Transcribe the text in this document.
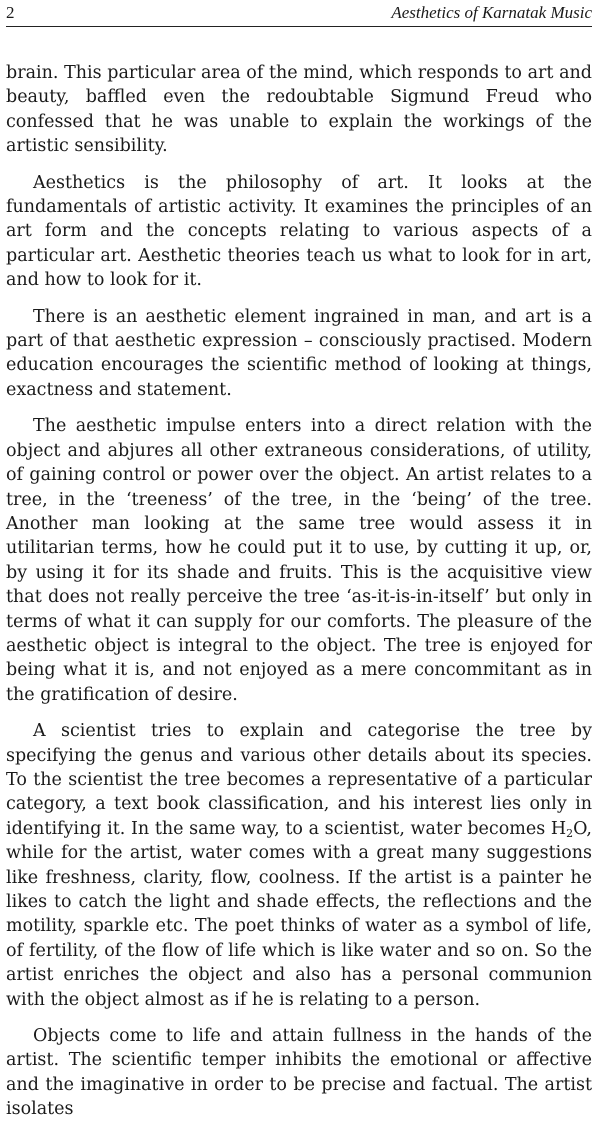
2	Aesthetics of Karnatak Music

brain. This particular area of the mind, which responds to art and beauty, baffled even the redoubtable Sigmund Freud who confessed that he was unable to explain the workings of the artistic sensibility.

Aesthetics is the philosophy of art. It looks at the fundamentals of artistic activity. It examines the principles of an art form and the concepts relating to various aspects of a particular art. Aesthetic theories teach us what to look for in art, and how to look for it.

There is an aesthetic element ingrained in man, and art is a part of that aesthetic expression – consciously practised. Modern education encourages the scientific method of looking at things, exactness and statement.

The aesthetic impulse enters into a direct relation with the object and abjures all other extraneous considerations, of utility, of gaining control or power over the object. An artist relates to a tree, in the ‘treeness’ of the tree, in the ‘being’ of the tree. Another man looking at the same tree would assess it in utilitarian terms, how he could put it to use, by cutting it up, or, by using it for its shade and fruits. This is the acquisitive view that does not really perceive the tree ‘as-it-is-in-itself’ but only in terms of what it can supply for our comforts. The pleasure of the aesthetic object is integral to the object. The tree is enjoyed for being what it is, and not enjoyed as a mere concommitant as in the gratification of desire.

A scientist tries to explain and categorise the tree by specifying the genus and various other details about its species. To the scientist the tree becomes a representative of a particular category, a text book classification, and his interest lies only in identifying it. In the same way, to a scientist, water becomes $H_2O$, while for the artist, water comes with a great many suggestions like freshness, clarity, flow, coolness. If the artist is a painter he likes to catch the light and shade effects, the reflections and the motility, sparkle etc. The poet thinks of water as a symbol of life, of fertility, of the flow of life which is like water and so on. So the artist enriches the object and also has a personal communion with the object almost as if he is relating to a person.

Objects come to life and attain fullness in the hands of the artist. The scientific temper inhibits the emotional or affective and the imaginative in order to be precise and factual. The artist isolates
